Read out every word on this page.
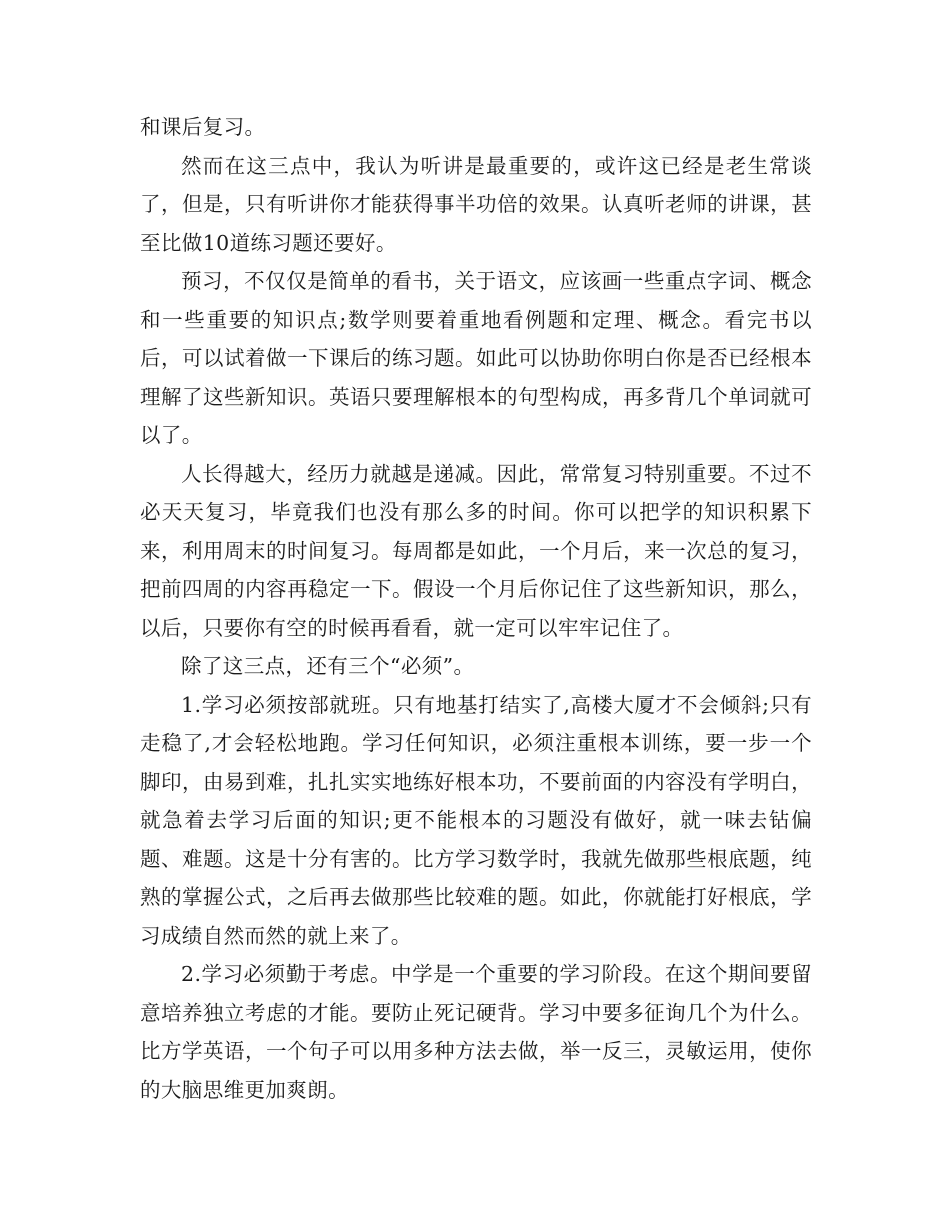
和课后复习。

然而在这三点中，我认为听讲是最重要的，或许这已经是老生常谈了，但是，只有听讲你才能获得事半功倍的效果。认真听老师的讲课，甚至比做10道练习题还要好。

预习，不仅仅是简单的看书，关于语文，应该画一些重点字词、概念和一些重要的知识点;数学则要着重地看例题和定理、概念。看完书以后，可以试着做一下课后的练习题。如此可以协助你明白你是否已经根本理解了这些新知识。英语只要理解根本的句型构成，再多背几个单词就可以了。

人长得越大，经历力就越是递减。因此，常常复习特别重要。不过不必天天复习，毕竟我们也没有那么多的时间。你可以把学的知识积累下来，利用周末的时间复习。每周都是如此，一个月后，来一次总的复习，把前四周的内容再稳定一下。假设一个月后你记住了这些新知识，那么，以后，只要你有空的时候再看看，就一定可以牢牢记住了。

除了这三点，还有三个“必须”。

1.学习必须按部就班。只有地基打结实了,高楼大厦才不会倾斜;只有走稳了,才会轻松地跑。学习任何知识，必须注重根本训练，要一步一个脚印，由易到难，扎扎实实地练好根本功，不要前面的内容没有学明白，就急着去学习后面的知识;更不能根本的习题没有做好，就一味去钻偏题、难题。这是十分有害的。比方学习数学时，我就先做那些根底题，纯熟的掌握公式，之后再去做那些比较难的题。如此，你就能打好根底，学习成绩自然而然的就上来了。

2.学习必须勤于考虑。中学是一个重要的学习阶段。在这个期间要留意培养独立考虑的才能。要防止死记硬背。学习中要多征询几个为什么。比方学英语，一个句子可以用多种方法去做，举一反三，灵敏运用，使你的大脑思维更加爽朗。
